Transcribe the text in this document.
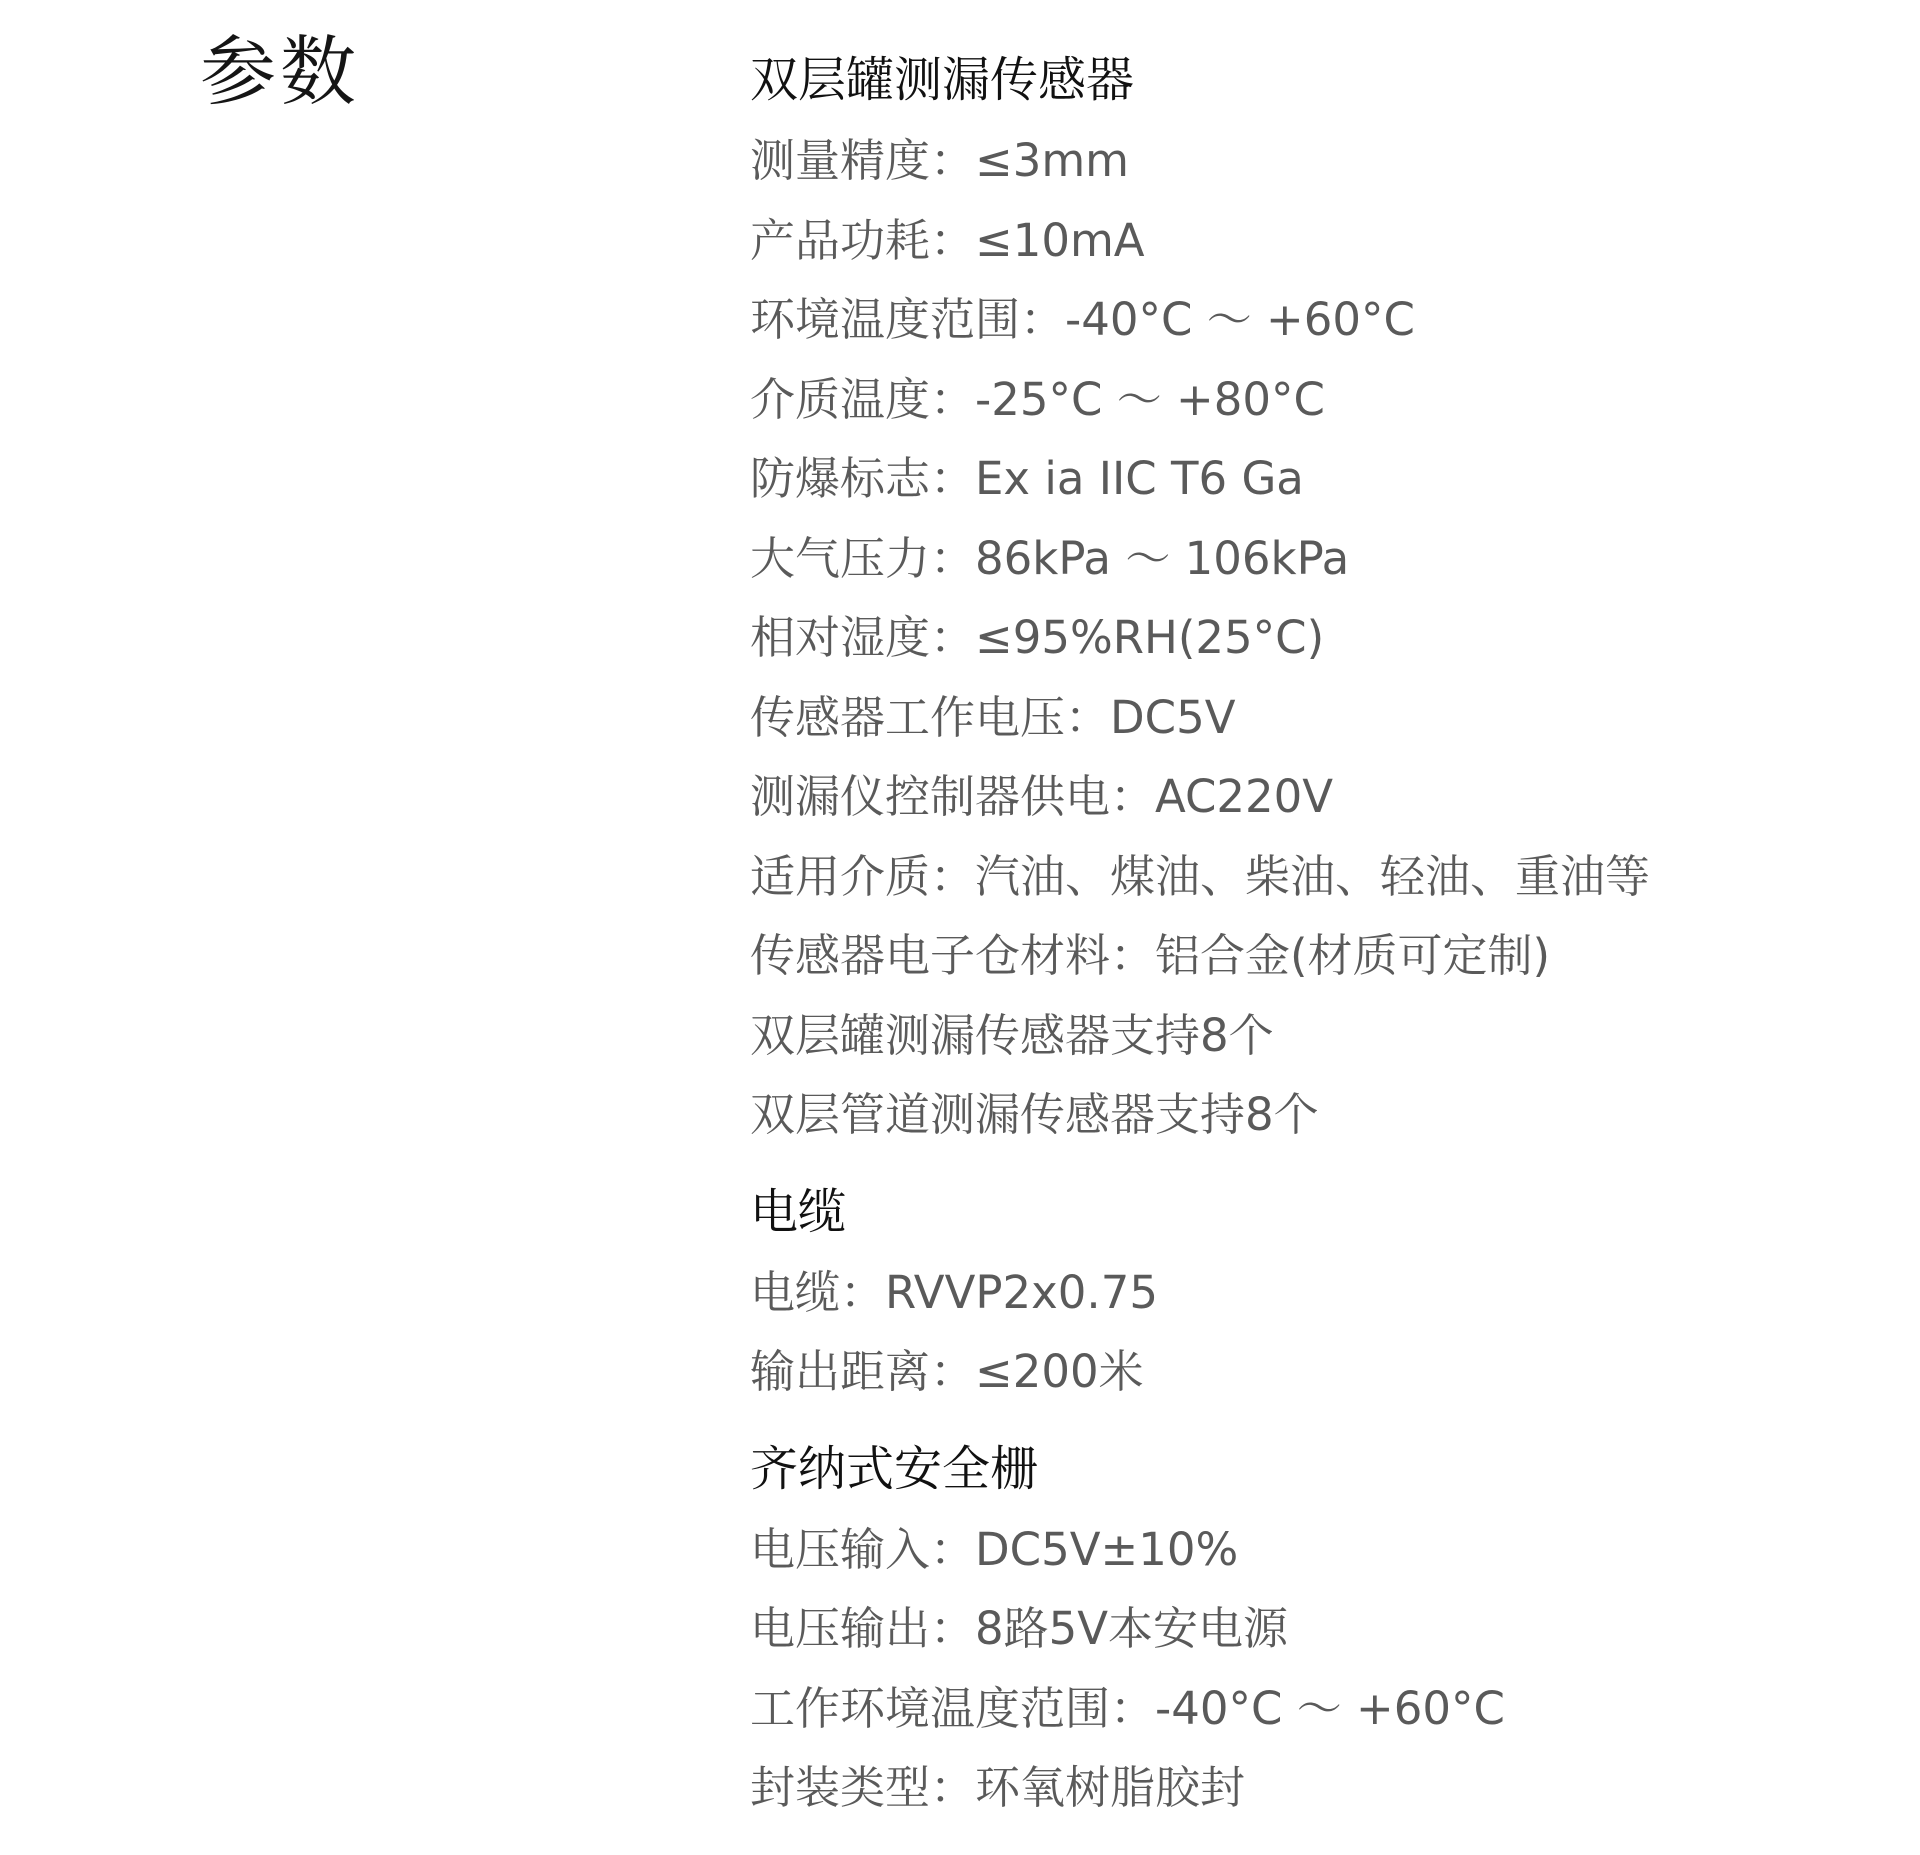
参数	双层罐测漏传感器
测量精度：≤3mm
产品功耗：≤10mA
环境温度范围：-40°C ～ +60°C
介质温度：-25°C ～ +80°C
防爆标志：Ex ia IIC T6 Ga
大气压力：86kPa ～ 106kPa
相对湿度：≤95%RH(25°C)
传感器工作电压：DC5V
测漏仪控制器供电：AC220V
适用介质：汽油、煤油、柴油、轻油、重油等
传感器电子仓材料：铝合金(材质可定制)
双层罐测漏传感器支持8个
双层管道测漏传感器支持8个
电缆
电缆：RVVP2x0.75
输出距离：≤200米
齐纳式安全栅
电压输入：DC5V±10%
电压输出：8路5V本安电源
工作环境温度范围：-40°C ～ +60°C
封装类型：环氧树脂胶封
